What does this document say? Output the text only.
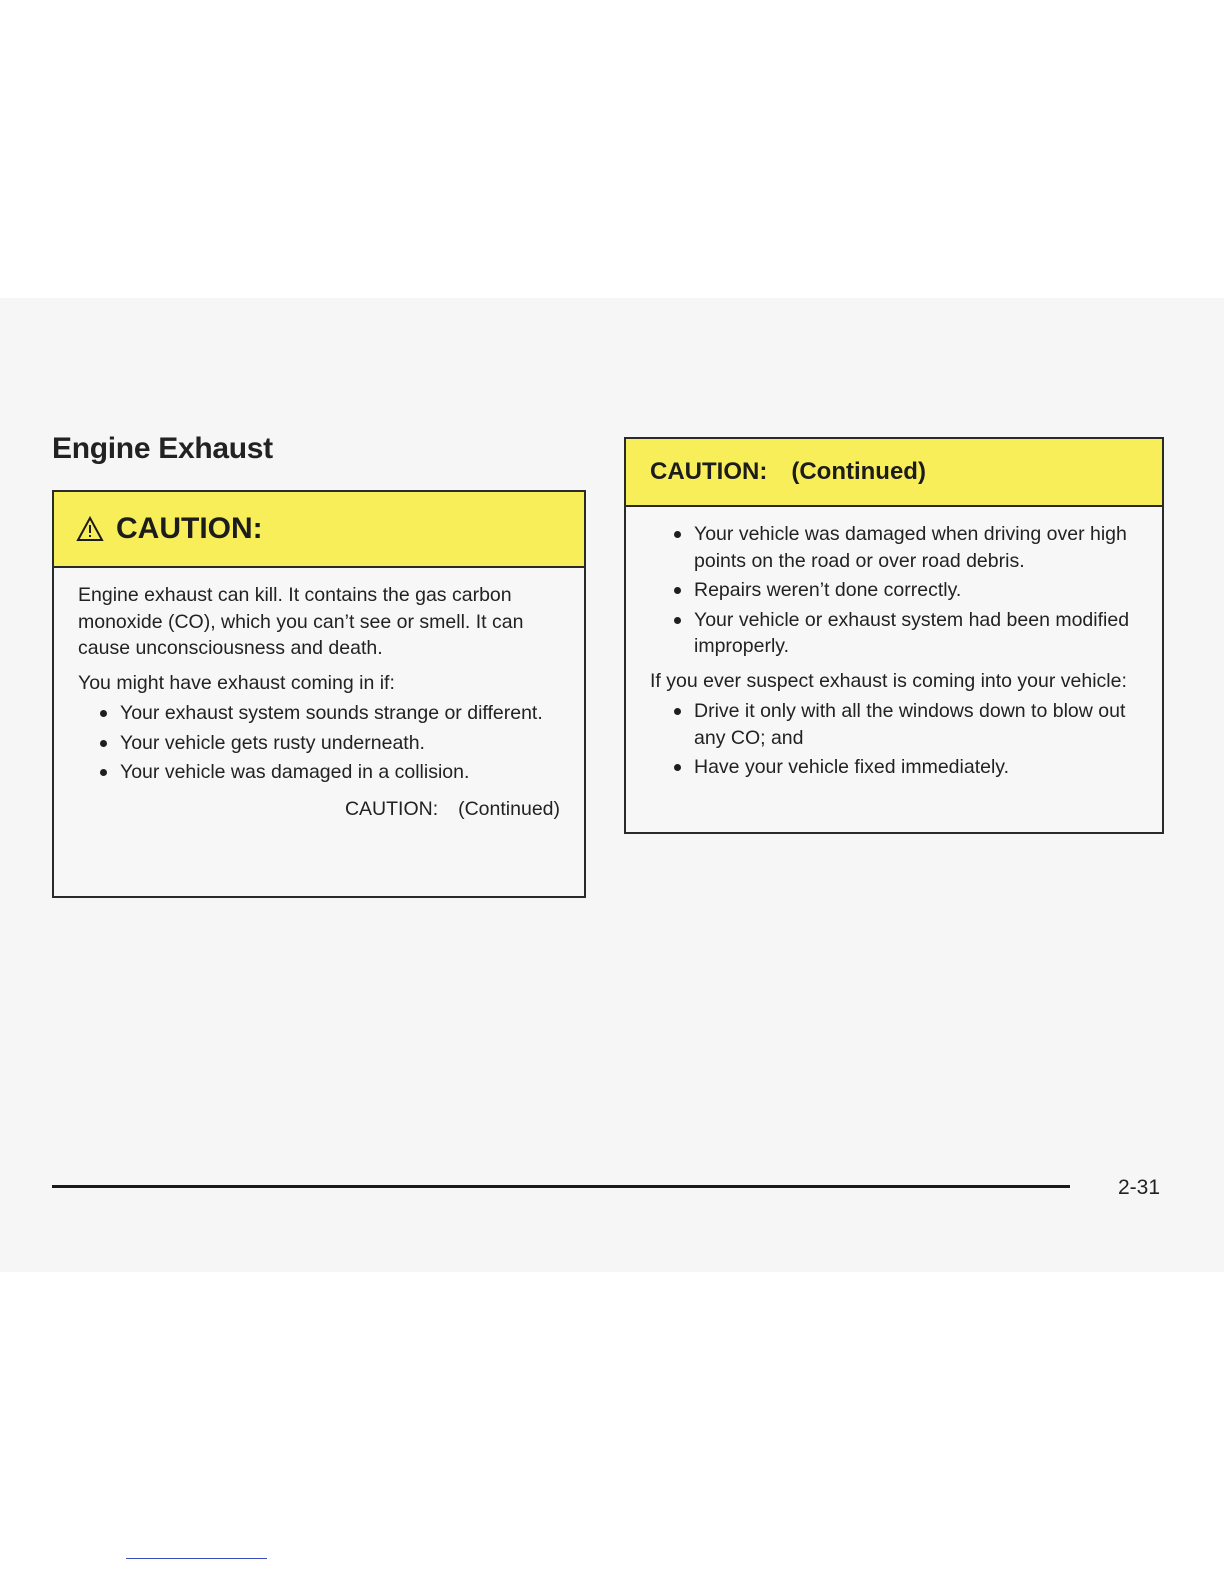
Engine Exhaust
CAUTION:

Engine exhaust can kill. It contains the gas carbon monoxide (CO), which you can’t see or smell. It can cause unconsciousness and death.

You might have exhaust coming in if:

Your exhaust system sounds strange or different.
Your vehicle gets rusty underneath.
Your vehicle was damaged in a collision.
CAUTION: (Continued)
CAUTION: (Continued)
Your vehicle was damaged when driving over high points on the road or over road debris.
Repairs weren’t done correctly.
Your vehicle or exhaust system had been modified improperly.

If you ever suspect exhaust is coming into your vehicle:

Drive it only with all the windows down to blow out any CO; and
Have your vehicle fixed immediately.
2-31
